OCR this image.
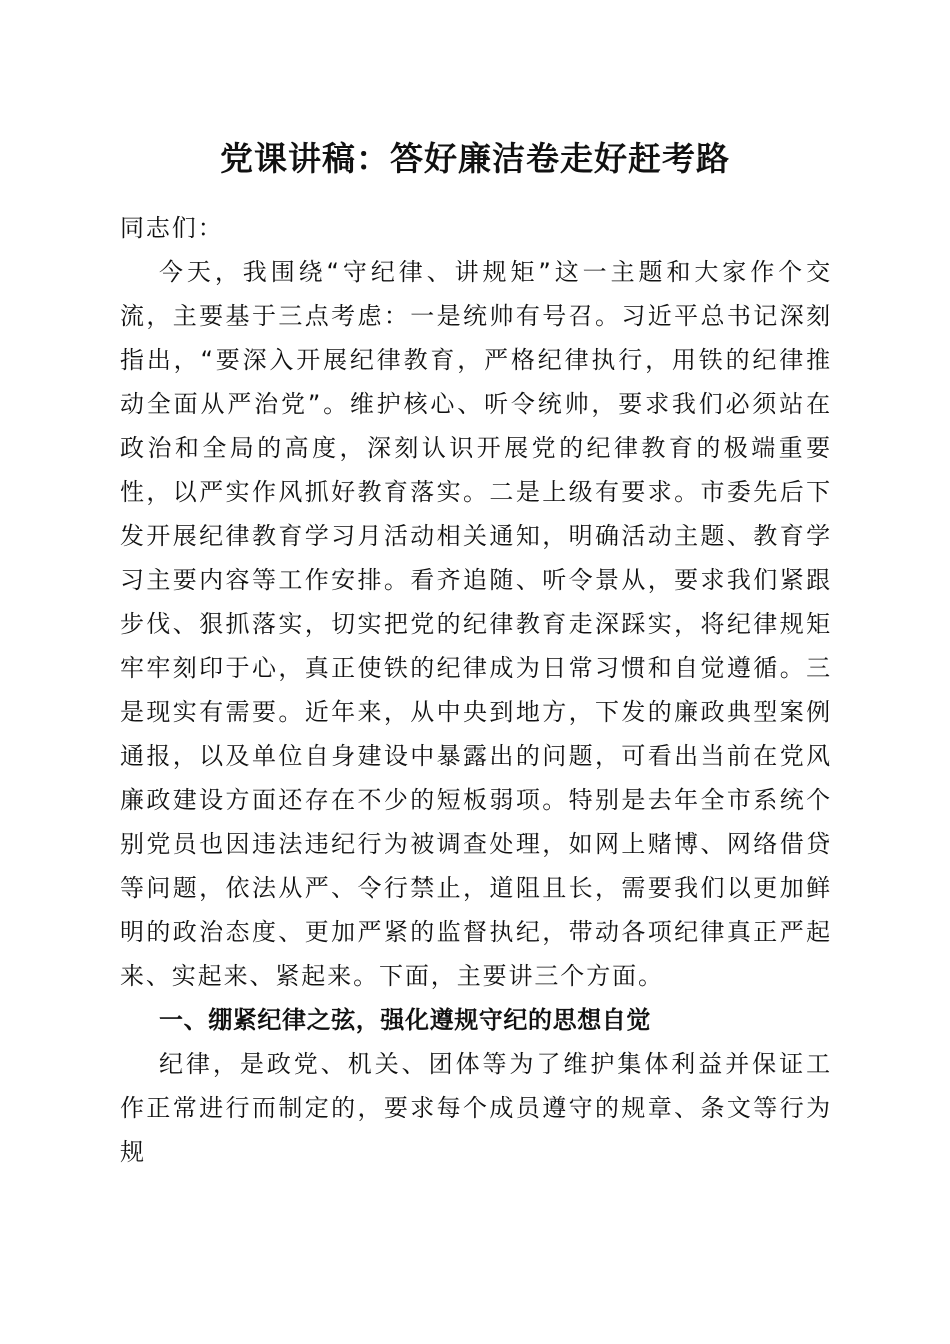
党课讲稿：答好廉洁卷走好赶考路

同志们：

今天，我围绕“守纪律、讲规矩”这一主题和大家作个交流，主要基于三点考虑：一是统帅有号召。习近平总书记深刻指出，“要深入开展纪律教育，严格纪律执行，用铁的纪律推动全面从严治党”。维护核心、听令统帅，要求我们必须站在政治和全局的高度，深刻认识开展党的纪律教育的极端重要性，以严实作风抓好教育落实。二是上级有要求。市委先后下发开展纪律教育学习月活动相关通知，明确活动主题、教育学习主要内容等工作安排。看齐追随、听令景从，要求我们紧跟步伐、狠抓落实，切实把党的纪律教育走深踩实，将纪律规矩牢牢刻印于心，真正使铁的纪律成为日常习惯和自觉遵循。三是现实有需要。近年来，从中央到地方，下发的廉政典型案例通报，以及单位自身建设中暴露出的问题，可看出当前在党风廉政建设方面还存在不少的短板弱项。特别是去年全市系统个别党员也因违法违纪行为被调查处理，如网上赌博、网络借贷等问题，依法从严、令行禁止，道阻且长，需要我们以更加鲜明的政治态度、更加严紧的监督执纪，带动各项纪律真正严起来、实起来、紧起来。下面，主要讲三个方面。

一、绷紧纪律之弦，强化遵规守纪的思想自觉

纪律，是政党、机关、团体等为了维护集体利益并保证工作正常进行而制定的，要求每个成员遵守的规章、条文等行为规
